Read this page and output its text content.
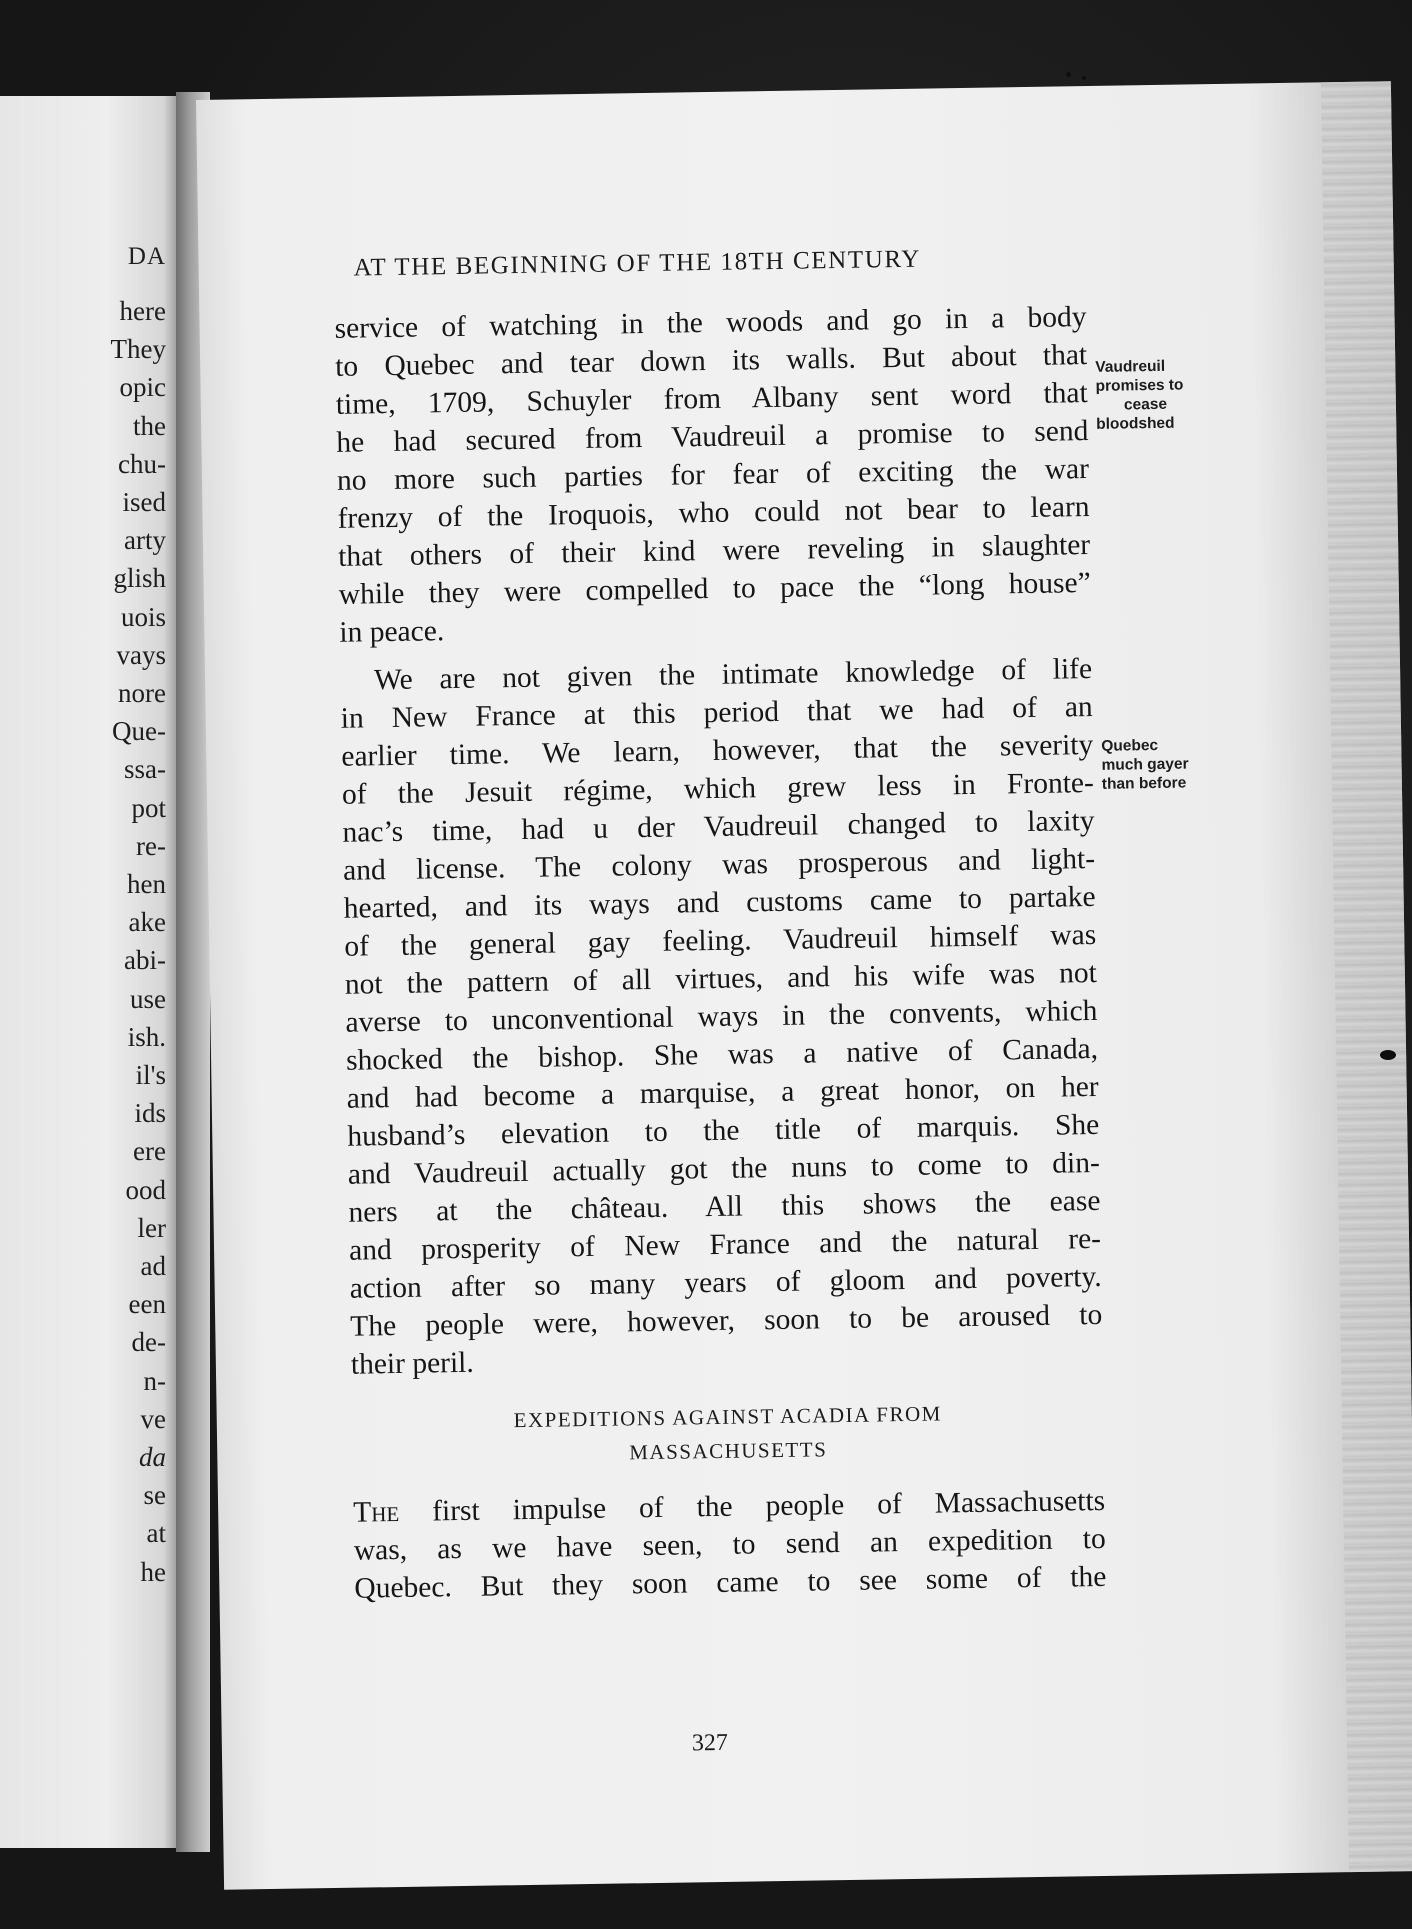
DA
here
They
opic
the
chu-
ised
arty
glish
uois
vays
nore
Que-
ssa-
pot
re-
hen
ake
abi-
use
ish.
il's
ids
ere
ood
ler
ad
een
de-
n-
ve
da
se
at
he
AT THE BEGINNING OF THE 18TH CENTURY
service of watching in the woods and go in a body
to Quebec and tear down its walls. But about that
time, 1709, Schuyler from Albany sent word that
he had secured from Vaudreuil a promise to send
no more such parties for fear of exciting the war
frenzy of the Iroquois, who could not bear to learn
that others of their kind were reveling in slaughter
while they were compelled to pace the “long house”
in peace.
We are not given the intimate knowledge of life
in New France at this period that we had of an
earlier time. We learn, however, that the severity
of the Jesuit régime, which grew less in Fronte-
nac’s time, had u der Vaudreuil changed to laxity
and license. The colony was prosperous and light-
hearted, and its ways and customs came to partake
of the general gay feeling. Vaudreuil himself was
not the pattern of all virtues, and his wife was not
averse to unconventional ways in the convents, which
shocked the bishop. She was a native of Canada,
and had become a marquise, a great honor, on her
husband’s elevation to the title of marquis. She
and Vaudreuil actually got the nuns to come to din-
ners at the château. All this shows the ease
and prosperity of New France and the natural re-
action after so many years of gloom and poverty.
The people were, however, soon to be aroused to
their peril.
EXPEDITIONS AGAINST ACADIA FROM
MASSACHUSETTS
The first impulse of the people of Massachusetts
was, as we have seen, to send an expedition to
Quebec. But they soon came to see some of the
Vaudreuil
promises to
cease
bloodshed
Quebec
much gayer
than before
327
